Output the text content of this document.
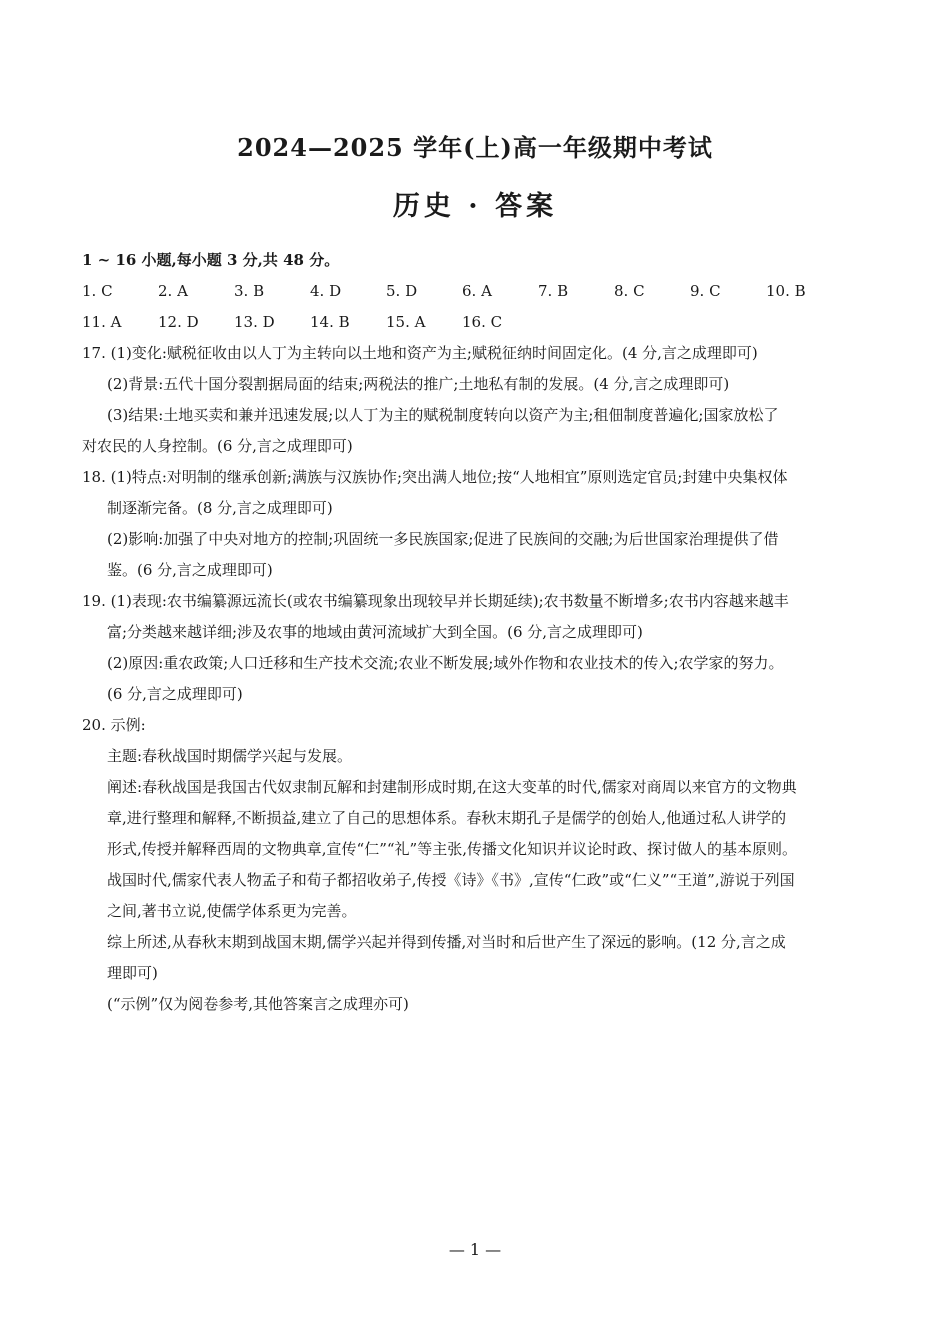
2024—2025 学年(上)高一年级期中考试
历史 · 答案
1 ~ 16 小题,每小题 3 分,共 48 分。
1. C	2. A	3. B	4. D	5. D	6. A	7. B	8. C	9. C	10. B
11. A	12. D	13. D	14. B	15. A	16. C
17. (1)变化:赋税征收由以人丁为主转向以土地和资产为主;赋税征纳时间固定化。(4 分,言之成理即可)
(2)背景:五代十国分裂割据局面的结束;两税法的推广;土地私有制的发展。(4 分,言之成理即可)
(3)结果:土地买卖和兼并迅速发展;以人丁为主的赋税制度转向以资产为主;租佃制度普遍化;国家放松了
对农民的人身控制。(6 分,言之成理即可)
18. (1)特点:对明制的继承创新;满族与汉族协作;突出满人地位;按“人地相宜”原则选定官员;封建中央集权体
制逐渐完备。(8 分,言之成理即可)
(2)影响:加强了中央对地方的控制;巩固统一多民族国家;促进了民族间的交融;为后世国家治理提供了借
鉴。(6 分,言之成理即可)
19. (1)表现:农书编纂源远流长(或农书编纂现象出现较早并长期延续);农书数量不断增多;农书内容越来越丰
富;分类越来越详细;涉及农事的地域由黄河流域扩大到全国。(6 分,言之成理即可)
(2)原因:重农政策;人口迁移和生产技术交流;农业不断发展;域外作物和农业技术的传入;农学家的努力。
(6 分,言之成理即可)
20. 示例:
主题:春秋战国时期儒学兴起与发展。
阐述:春秋战国是我国古代奴隶制瓦解和封建制形成时期,在这大变革的时代,儒家对商周以来官方的文物典
章,进行整理和解释,不断损益,建立了自己的思想体系。春秋末期孔子是儒学的创始人,他通过私人讲学的
形式,传授并解释西周的文物典章,宣传“仁”“礼”等主张,传播文化知识并议论时政、探讨做人的基本原则。
战国时代,儒家代表人物孟子和荀子都招收弟子,传授《诗》《书》,宣传“仁政”或“仁义”“王道”,游说于列国
之间,著书立说,使儒学体系更为完善。
综上所述,从春秋末期到战国末期,儒学兴起并得到传播,对当时和后世产生了深远的影响。(12 分,言之成
理即可)
(“示例”仅为阅卷参考,其他答案言之成理亦可)
— 1 —
